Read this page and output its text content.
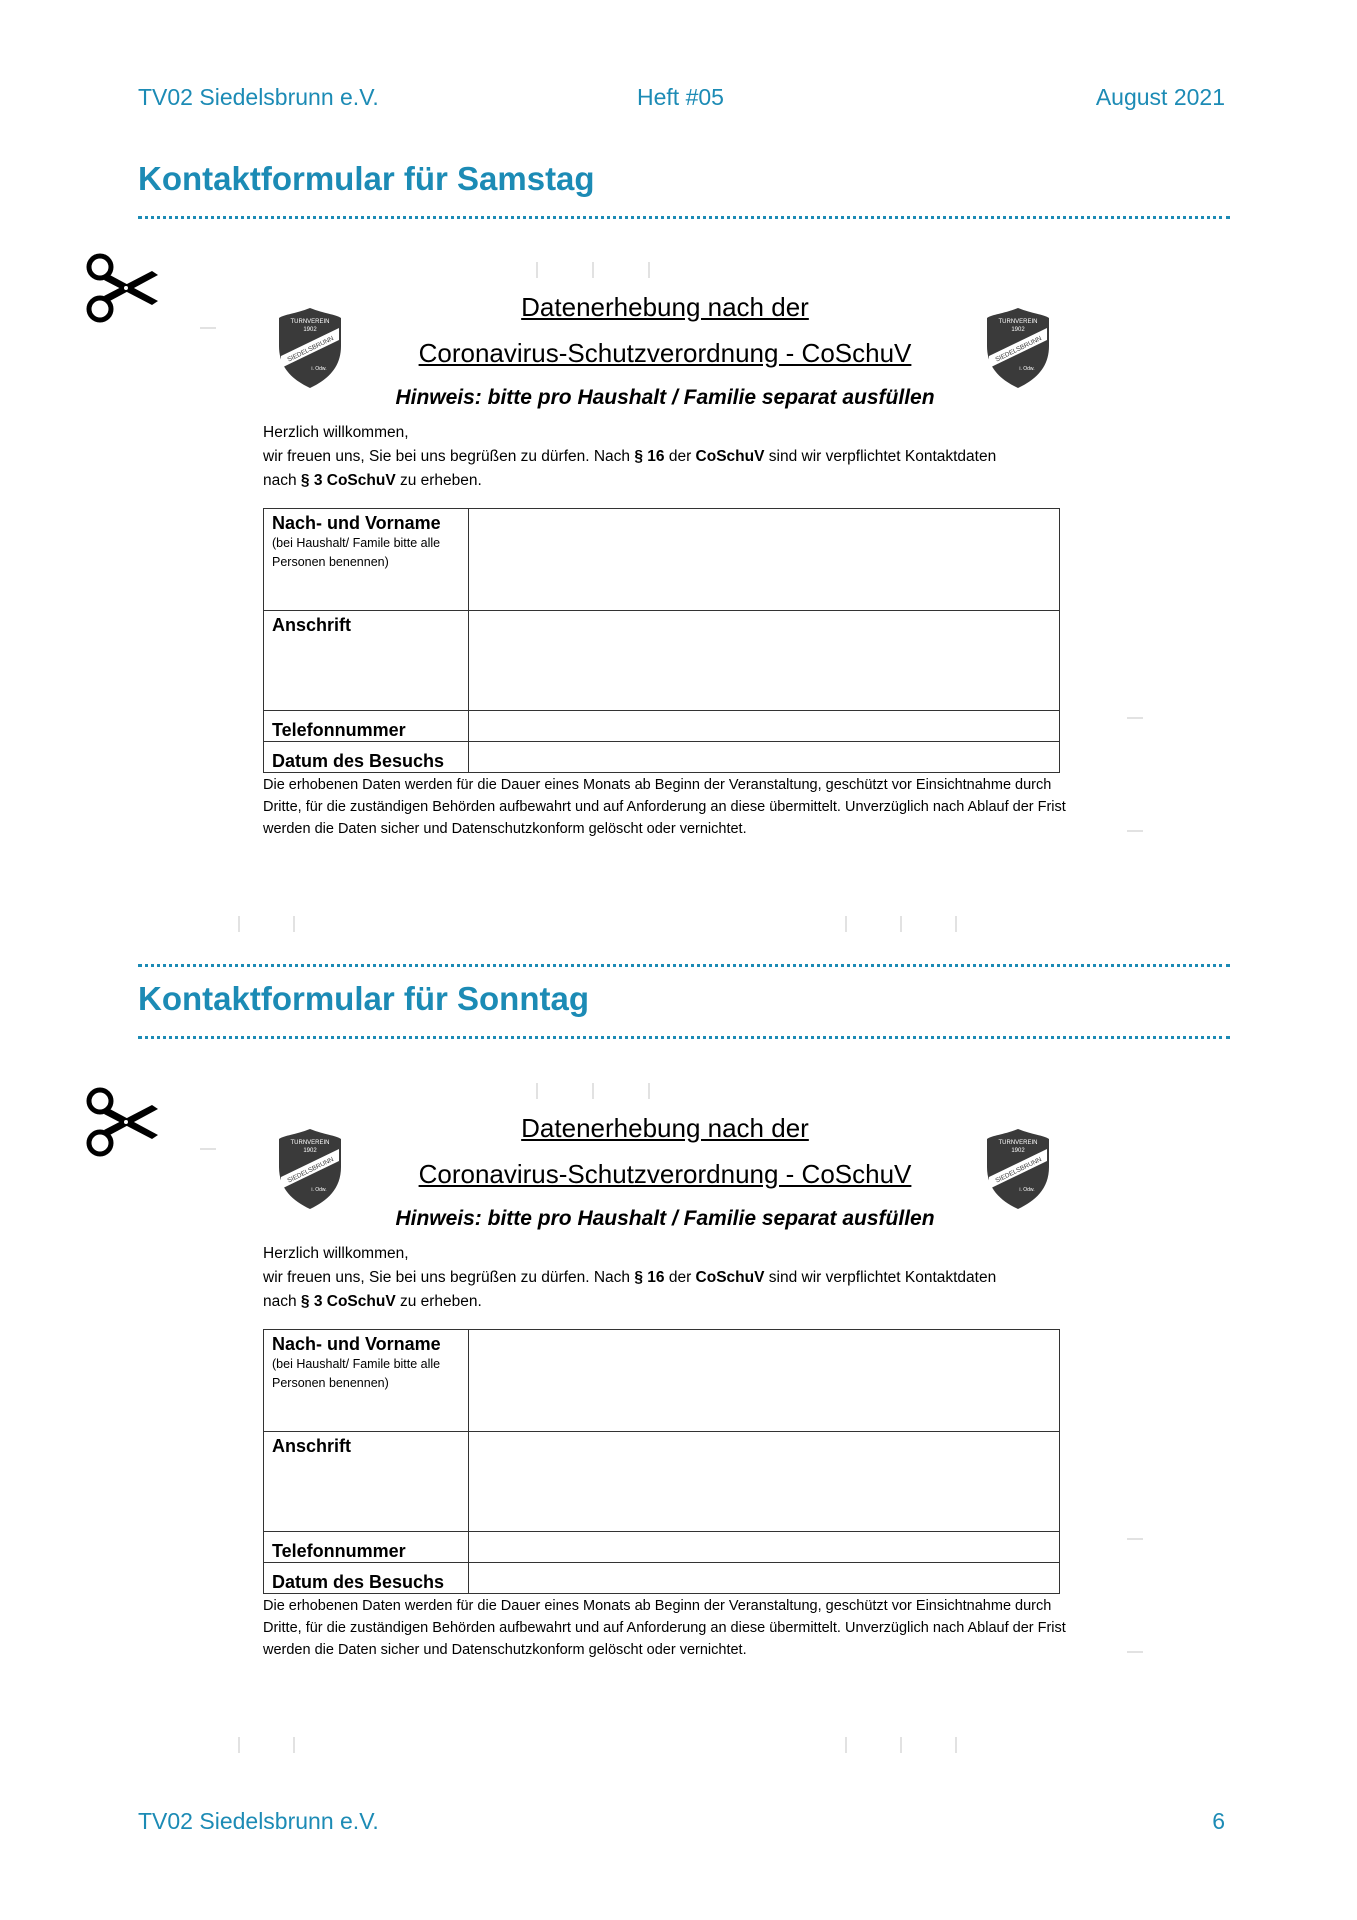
TV02 Siedelsbrunn e.V.	Heft #05	August 2021
Kontaktformular für Samstag
Kontaktformular für Sonntag
TV02 Siedelsbrunn e.V.	6
TURNVEREIN
1902
SIEDELSBRUNN
i. Odw.
TURNVEREIN
1902
SIEDELSBRUNN
i. Odw.
Datenerhebung nach der
Coronavirus-Schutzverordnung - CoSchuV
Hinweis: bitte pro Haushalt / Familie separat ausfüllen
Herzlich willkommen,
wir freuen uns, Sie bei uns begrüßen zu dürfen. Nach § 16 der CoSchuV sind wir verpflichtet Kontaktdaten
nach § 3 CoSchuV zu erheben.
Nach- und Vorname
(bei Haushalt/ Famile bitte alle Personen benennen)	

Anschrift	

Telefonnummer	

Datum des Besuchs	

Die erhobenen Daten werden für die Dauer eines Monats ab Beginn der Veranstaltung, geschützt vor Einsichtnahme durch Dritte, für die zuständigen Behörden aufbewahrt und auf Anforderung an diese übermittelt. Unverzüglich nach Ablauf der Frist werden die Daten sicher und Datenschutzkonform gelöscht oder vernichtet.
TURNVEREIN
1902
SIEDELSBRUNN
i. Odw.
TURNVEREIN
1902
SIEDELSBRUNN
i. Odw.
Datenerhebung nach der
Coronavirus-Schutzverordnung - CoSchuV
Hinweis: bitte pro Haushalt / Familie separat ausfüllen
Herzlich willkommen,
wir freuen uns, Sie bei uns begrüßen zu dürfen. Nach § 16 der CoSchuV sind wir verpflichtet Kontaktdaten
nach § 3 CoSchuV zu erheben.
Nach- und Vorname
(bei Haushalt/ Famile bitte alle Personen benennen)	

Anschrift	

Telefonnummer	

Datum des Besuchs	

Die erhobenen Daten werden für die Dauer eines Monats ab Beginn der Veranstaltung, geschützt vor Einsichtnahme durch Dritte, für die zuständigen Behörden aufbewahrt und auf Anforderung an diese übermittelt. Unverzüglich nach Ablauf der Frist werden die Daten sicher und Datenschutzkonform gelöscht oder vernichtet.
